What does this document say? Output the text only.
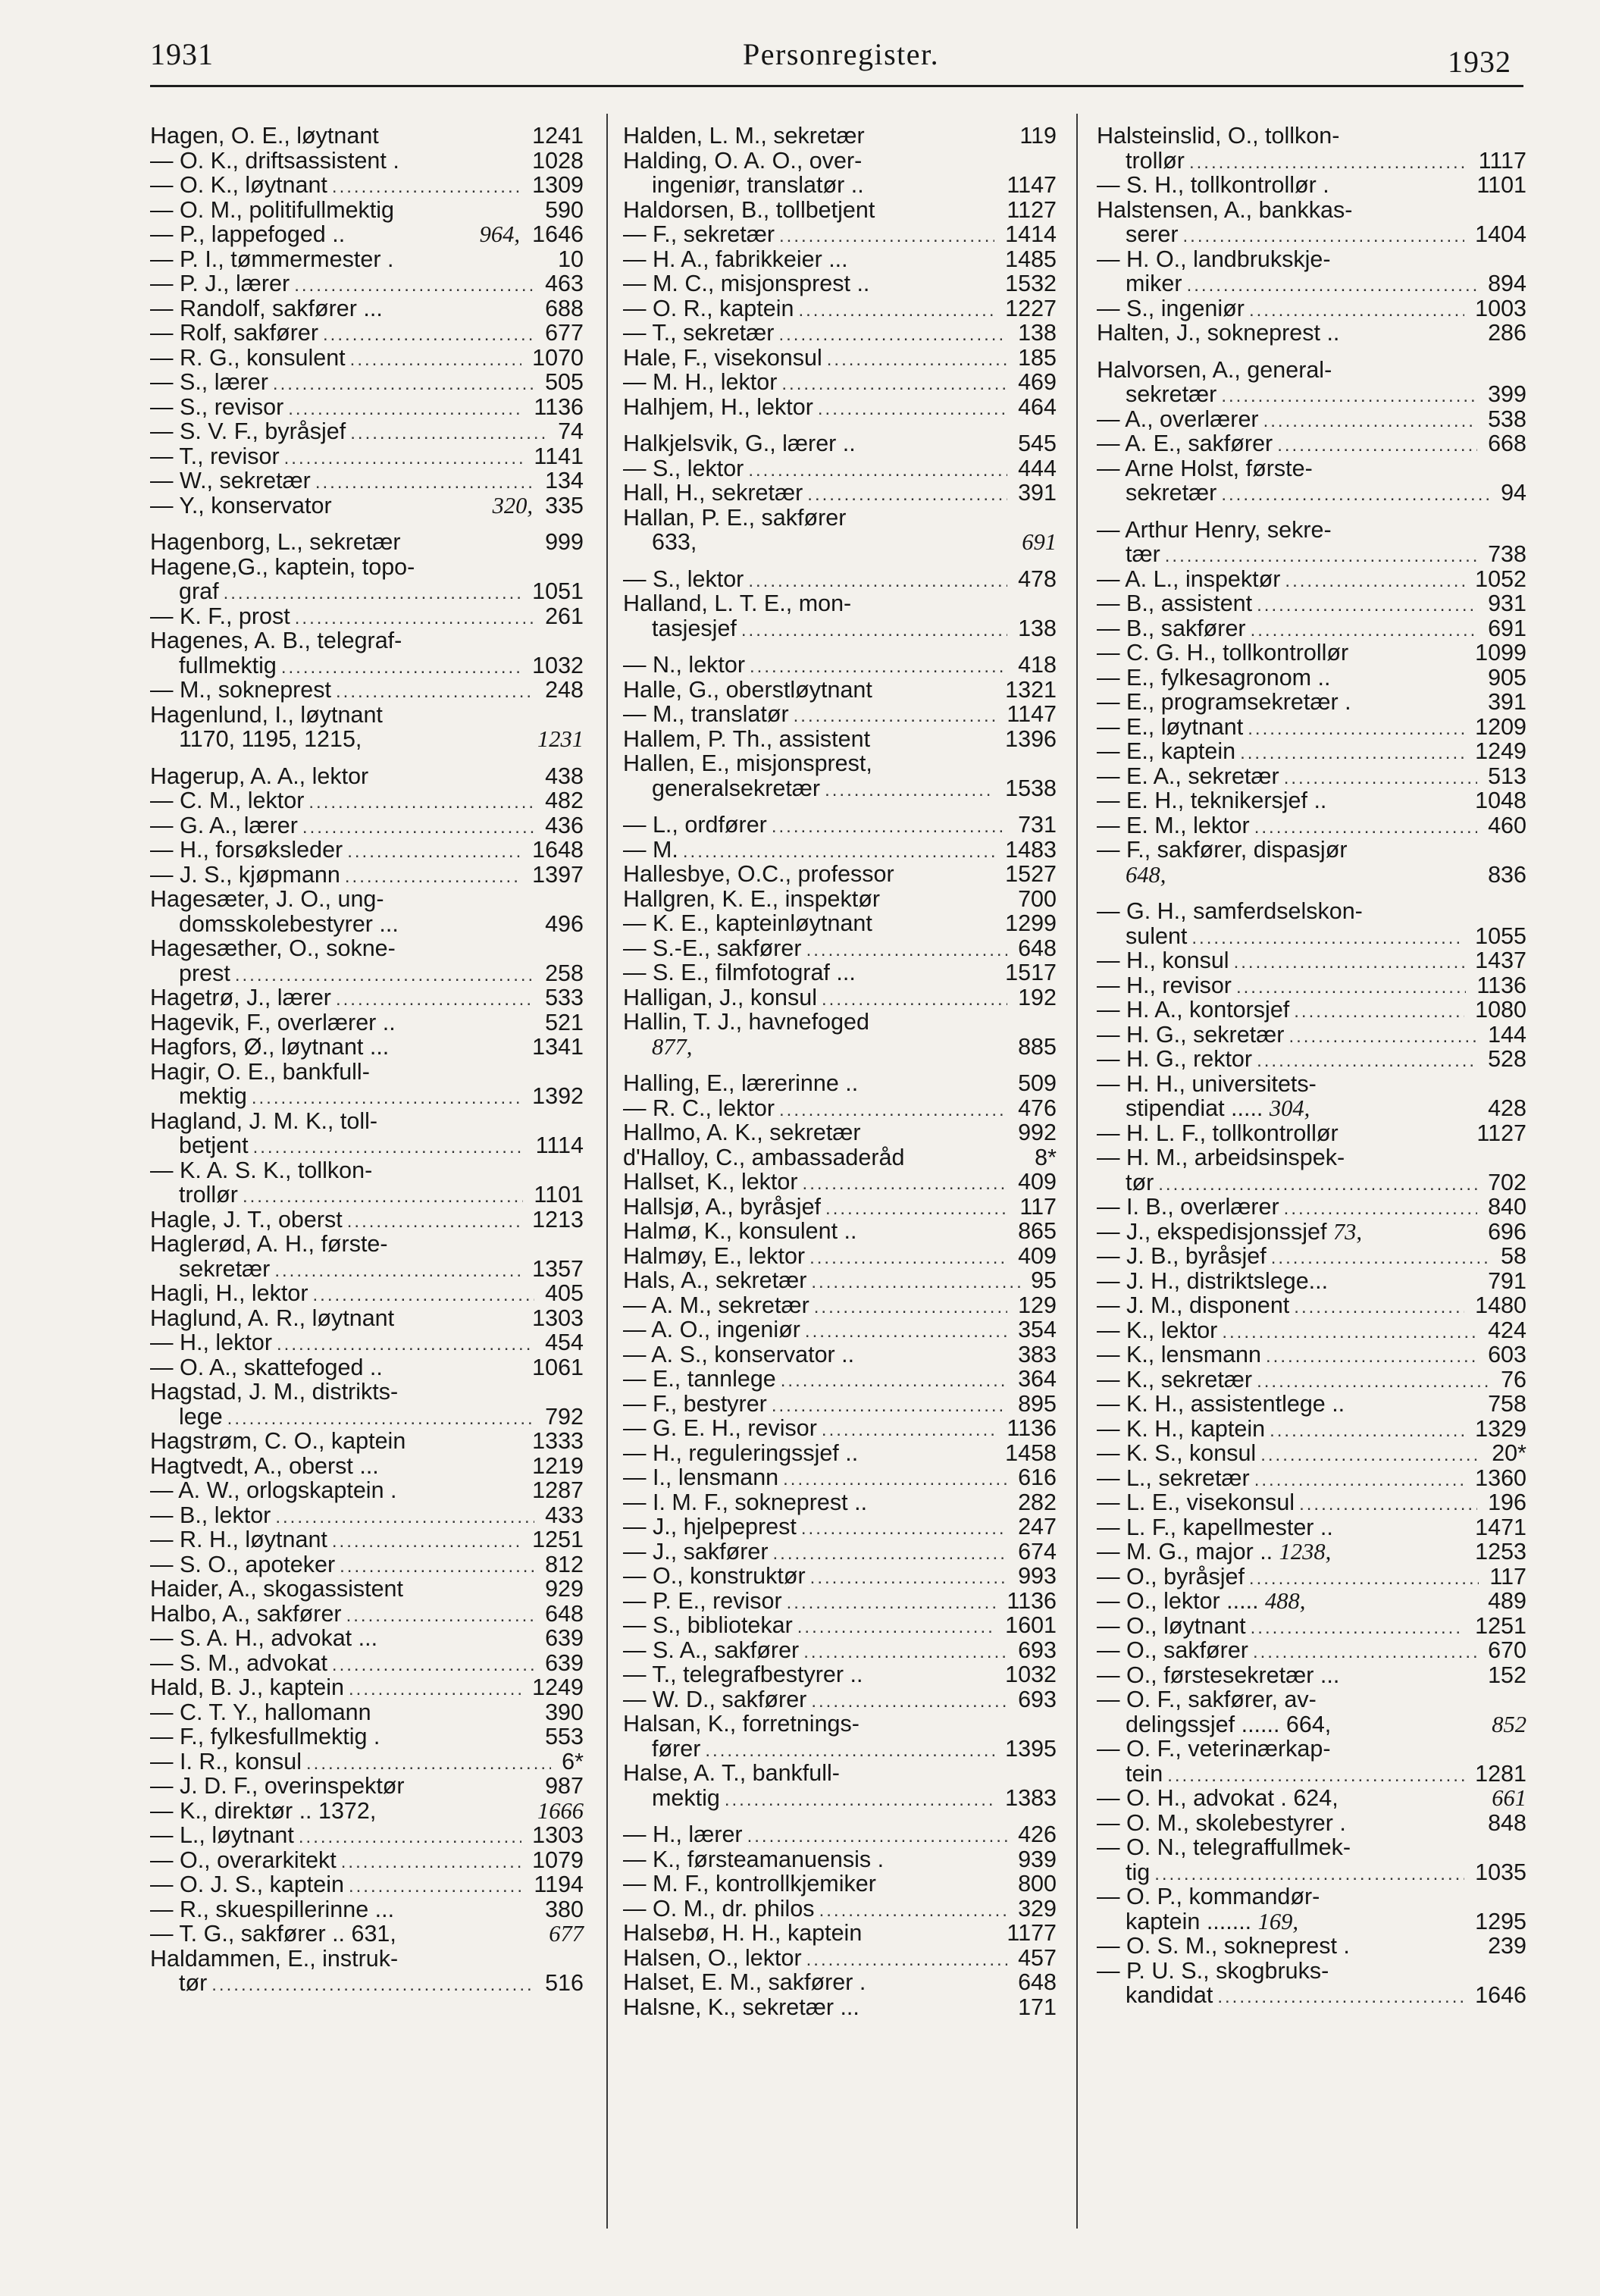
1931	Personregister.	1932
Hagen, O. E., løytnant	1241
— O. K., driftsassistent .	1028
— O. K., løytnant .....	1309
— O. M., politifullmektig	590
— P., lappefoged ..	964, 1646
— P. I., tømmermester .	10
— P. J., lærer .....	463
— Randolf, sakfører ...	688
— Rolf, sakfører .....	677
— R. G., konsulent .....	1070
— S., lærer .....	505
— S., revisor .....	1136
— S. V. F., byråsjef .....	74
— T., revisor .....	1141
— W., sekretær .....	134
— Y., konservator	320, 335
Hagenborg, L., sekretær	999
Hagene,G., kaptein, topo-
graf .....	1051
— K. F., prost .....	261
Hagenes, A. B., telegraf-
fullmektig .....	1032
— M., sokneprest .....	248
Hagenlund, I., løytnant
1170, 1195, 1215,	1231
Hagerup, A. A., lektor	438
— C. M., lektor .....	482
— G. A., lærer .....	436
— H., forsøksleder .....	1648
— J. S., kjøpmann .....	1397
Hagesæter, J. O., ung-
domsskolebestyrer ...	496
Hagesæther, O., sokne-
prest .....	258
Hagetrø, J., lærer .....	533
Hagevik, F., overlærer ..	521
Hagfors, Ø., løytnant ...	1341
Hagir, O. E., bankfull-
mektig .....	1392
Hagland, J. M. K., toll-
betjent .....	1114
— K. A. S. K., tollkon-
trollør .....	1101
Hagle, J. T., oberst .....	1213
Haglerød, A. H., første-
sekretær .....	1357
Hagli, H., lektor .....	405
Haglund, A. R., løytnant	1303
— H., lektor .....	454
— O. A., skattefoged ..	1061
Hagstad, J. M., distrikts-
lege .....	792
Hagstrøm, C. O., kaptein	1333
Hagtvedt, A., oberst ...	1219
— A. W., orlogskaptein .	1287
— B., lektor .....	433
— R. H., løytnant .....	1251
— S. O., apoteker .....	812
Haider, A., skogassistent	929
Halbo, A., sakfører .....	648
— S. A. H., advokat ...	639
— S. M., advokat .....	639
Hald, B. J., kaptein .....	1249
— C. T. Y., hallomann	390
— F., fylkesfullmektig .	553
— I. R., konsul .....	6*
— J. D. F., overinspektør	987
— K., direktør .. 1372,	1666
— L., løytnant .....	1303
— O., overarkitekt .....	1079
— O. J. S., kaptein .....	1194
— R., skuespillerinne ...	380
— T. G., sakfører .. 631,	677
Haldammen, E., instruk-
tør .....	516
Halden, L. M., sekretær	119
Halding, O. A. O., over-
ingeniør, translatør ..	1147
Haldorsen, B., tollbetjent	1127
— F., sekretær .....	1414
— H. A., fabrikkeier ...	1485
— M. C., misjonsprest ..	1532
— O. R., kaptein .....	1227
— T., sekretær .....	138
Hale, F., visekonsul .....	185
— M. H., lektor .....	469
Halhjem, H., lektor .....	464
Halkjelsvik, G., lærer ..	545
— S., lektor .....	444
Hall, H., sekretær .....	391
Hallan, P. E., sakfører
633,	691
— S., lektor .....	478
Halland, L. T. E., mon-
tasjesjef .....	138
— N., lektor .....	418
Halle, G., oberstløytnant	1321
— M., translatør .....	1147
Hallem, P. Th., assistent	1396
Hallen, E., misjonsprest,
generalsekretær .....	1538
— L., ordfører .....	731
— M. .....	1483
Hallesbye, O.C., professor	1527
Hallgren, K. E., inspektør	700
— K. E., kapteinløytnant	1299
— S.-E., sakfører .....	648
— S. E., filmfotograf ...	1517
Halligan, J., konsul .....	192
Hallin, T. J., havnefoged
877,	885
Halling, E., lærerinne ..	509
— R. C., lektor .....	476
Hallmo, A. K., sekretær	992
d'Halloy, C., ambassaderåd	8*
Hallset, K., lektor .....	409
Hallsjø, A., byråsjef .....	117
Halmø, K., konsulent ..	865
Halmøy, E., lektor .....	409
Hals, A., sekretær .....	95
— A. M., sekretær .....	129
— A. O., ingeniør .....	354
— A. S., konservator ..	383
— E., tannlege .....	364
— F., bestyrer .....	895
— G. E. H., revisor .....	1136
— H., reguleringssjef ..	1458
— I., lensmann .....	616
— I. M. F., sokneprest ..	282
— J., hjelpeprest .....	247
— J., sakfører .....	674
— O., konstruktør .....	993
— P. E., revisor .....	1136
— S., bibliotekar .....	1601
— S. A., sakfører .....	693
— T., telegrafbestyrer ..	1032
— W. D., sakfører .....	693
Halsan, K., forretnings-
fører .....	1395
Halse, A. T., bankfull-
mektig .....	1383
— H., lærer .....	426
— K., førsteamanuensis .	939
— M. F., kontrollkjemiker	800
— O. M., dr. philos .....	329
Halsebø, H. H., kaptein	1177
Halsen, O., lektor .....	457
Halset, E. M., sakfører .	648
Halsne, K., sekretær ...	171
Halsteinslid, O., tollkon-
trollør .....	1117
— S. H., tollkontrollør .	1101
Halstensen, A., bankkas-
serer .....	1404
— H. O., landbrukskje-
miker .....	894
— S., ingeniør .....	1003
Halten, J., sokneprest ..	286
Halvorsen, A., general-
sekretær .....	399
— A., overlærer .....	538
— A. E., sakfører .....	668
— Arne Holst, første-
sekretær .....	94
— Arthur Henry, sekre-
tær .....	738
— A. L., inspektør .....	1052
— B., assistent .....	931
— B., sakfører .....	691
— C. G. H., tollkontrollør	1099
— E., fylkesagronom ..	905
— E., programsekretær .	391
— E., løytnant .....	1209
— E., kaptein .....	1249
— E. A., sekretær .....	513
— E. H., teknikersjef ..	1048
— E. M., lektor .....	460
— F., sakfører, dispasjør
648,	836
— G. H., samferdselskon-
sulent .....	1055
— H., konsul .....	1437
— H., revisor .....	1136
— H. A., kontorsjef .....	1080
— H. G., sekretær .....	144
— H. G., rektor .....	528
— H. H., universitets-
stipendiat ..... 304,	428
— H. L. F., tollkontrollør	1127
— H. M., arbeidsinspek-
tør .....	702
— I. B., overlærer .....	840
— J., ekspedisjonssjef 73,	696
— J. B., byråsjef .....	58
— J. H., distriktslege...	791
— J. M., disponent .....	1480
— K., lektor .....	424
— K., lensmann .....	603
— K., sekretær .....	76
— K. H., assistentlege ..	758
— K. H., kaptein .....	1329
— K. S., konsul .....	20*
— L., sekretær .....	1360
— L. E., visekonsul .....	196
— L. F., kapellmester ..	1471
— M. G., major .. 1238,	1253
— O., byråsjef .....	117
— O., lektor ..... 488,	489
— O., løytnant .....	1251
— O., sakfører .....	670
— O., førstesekretær ...	152
— O. F., sakfører, av-
delingssjef ...... 664,	852
— O. F., veterinærkap-
tein .....	1281
— O. H., advokat . 624,	661
— O. M., skolebestyrer .	848
— O. N., telegraffullmek-
tig .....	1035
— O. P., kommandør-
kaptein ....... 169,	1295
— O. S. M., sokneprest .	239
— P. U. S., skogbruks-
kandidat .....	1646
